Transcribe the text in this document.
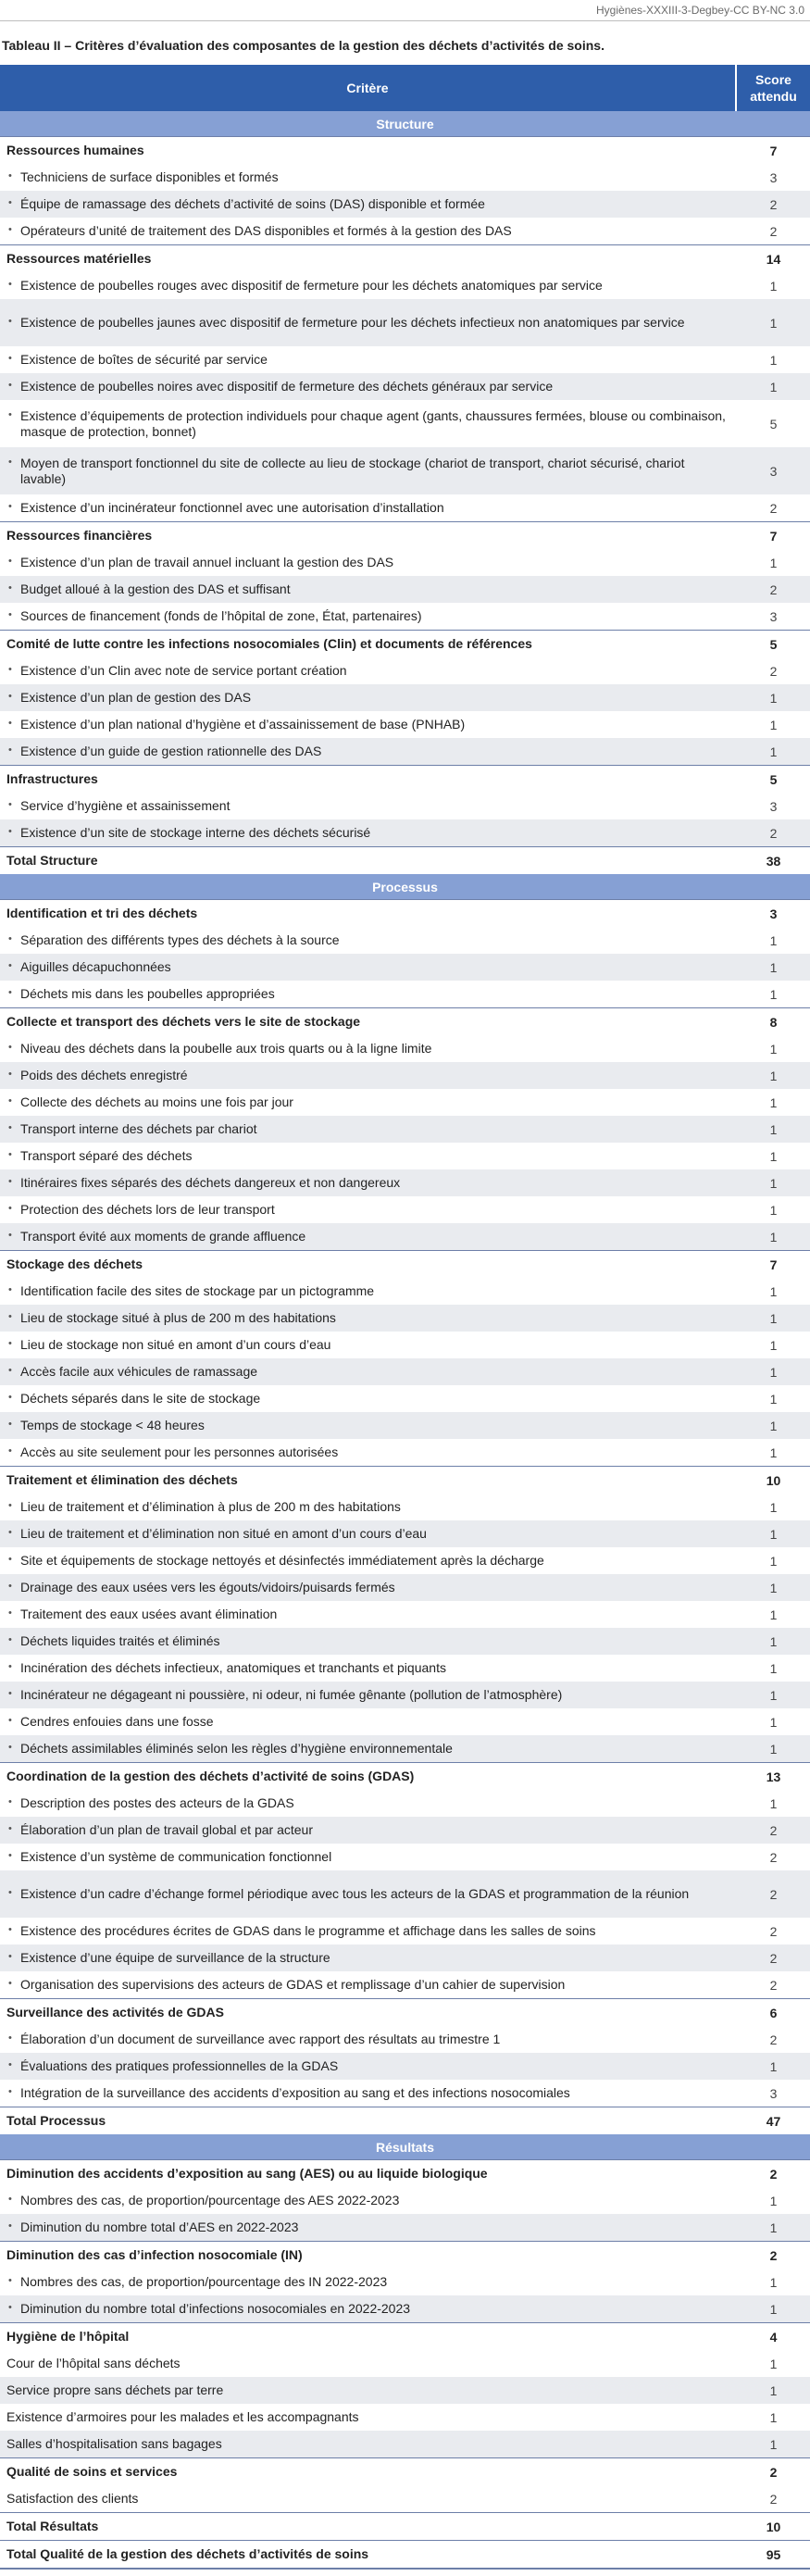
Hygiènes-XXXIII-3-Degbey-CC BY-NC 3.0
Tableau II – Critères d’évaluation des composantes de la gestion des déchets d’activités de soins.
Critère
Score attendu
Structure
Ressources humaines	7
• Techniciens de surface disponibles et formés	3
• Équipe de ramassage des déchets d’activité de soins (DAS) disponible et formée	2
• Opérateurs d’unité de traitement des DAS disponibles et formés à la gestion des DAS	2
Ressources matérielles	14
• Existence de poubelles rouges avec dispositif de fermeture pour les déchets anatomiques par service	1
• Existence de poubelles jaunes avec dispositif de fermeture pour les déchets infectieux non anatomiques par service	1
• Existence de boîtes de sécurité par service	1
• Existence de poubelles noires avec dispositif de fermeture des déchets généraux par service	1
• Existence d’équipements de protection individuels pour chaque agent (gants, chaussures fermées, blouse ou combinaison, masque de protection, bonnet)	5
• Moyen de transport fonctionnel du site de collecte au lieu de stockage (chariot de transport, chariot sécurisé, chariot lavable)	3
• Existence d’un incinérateur fonctionnel avec une autorisation d’installation	2
Ressources financières	7
• Existence d’un plan de travail annuel incluant la gestion des DAS	1
• Budget alloué à la gestion des DAS et suffisant	2
• Sources de financement (fonds de l’hôpital de zone, État, partenaires)	3
Comité de lutte contre les infections nosocomiales (Clin) et documents de références	5
• Existence d’un Clin avec note de service portant création	2
• Existence d’un plan de gestion des DAS	1
• Existence d’un plan national d’hygiène et d’assainissement de base (PNHAB)	1
• Existence d’un guide de gestion rationnelle des DAS	1
Infrastructures	5
• Service d’hygiène et assainissement	3
• Existence d’un site de stockage interne des déchets sécurisé	2
Total Structure	38
Processus
Identification et tri des déchets	3
• Séparation des différents types des déchets à la source	1
• Aiguilles décapuchonnées	1
• Déchets mis dans les poubelles appropriées	1
Collecte et transport des déchets vers le site de stockage	8
• Niveau des déchets dans la poubelle aux trois quarts ou à la ligne limite	1
• Poids des déchets enregistré	1
• Collecte des déchets au moins une fois par jour	1
• Transport interne des déchets par chariot	1
• Transport séparé des déchets	1
• Itinéraires fixes séparés des déchets dangereux et non dangereux	1
• Protection des déchets lors de leur transport	1
• Transport évité aux moments de grande affluence	1
Stockage des déchets	7
• Identification facile des sites de stockage par un pictogramme	1
• Lieu de stockage situé à plus de 200 m des habitations	1
• Lieu de stockage non situé en amont d’un cours d’eau	1
• Accès facile aux véhicules de ramassage	1
• Déchets séparés dans le site de stockage	1
• Temps de stockage < 48 heures	1
• Accès au site seulement pour les personnes autorisées	1
Traitement et élimination des déchets	10
• Lieu de traitement et d’élimination à plus de 200 m des habitations	1
• Lieu de traitement et d’élimination non situé en amont d’un cours d’eau	1
• Site et équipements de stockage nettoyés et désinfectés immédiatement après la décharge	1
• Drainage des eaux usées vers les égouts/vidoirs/puisards fermés	1
• Traitement des eaux usées avant élimination	1
• Déchets liquides traités et éliminés	1
• Incinération des déchets infectieux, anatomiques et tranchants et piquants	1
• Incinérateur ne dégageant ni poussière, ni odeur, ni fumée gênante (pollution de l’atmosphère)	1
• Cendres enfouies dans une fosse	1
• Déchets assimilables éliminés selon les règles d’hygiène environnementale	1
Coordination de la gestion des déchets d’activité de soins (GDAS)	13
• Description des postes des acteurs de la GDAS	1
• Élaboration d’un plan de travail global et par acteur	2
• Existence d’un système de communication fonctionnel	2
• Existence d’un cadre d’échange formel périodique avec tous les acteurs de la GDAS et programmation de la réunion	2
• Existence des procédures écrites de GDAS dans le programme et affichage dans les salles de soins	2
• Existence d’une équipe de surveillance de la structure	2
• Organisation des supervisions des acteurs de GDAS et remplissage d’un cahier de supervision	2
Surveillance des activités de GDAS	6
• Élaboration d’un document de surveillance avec rapport des résultats au trimestre 1	2
• Évaluations des pratiques professionnelles de la GDAS	1
• Intégration de la surveillance des accidents d’exposition au sang et des infections nosocomiales	3
Total Processus	47
Résultats
Diminution des accidents d’exposition au sang (AES) ou au liquide biologique	2
• Nombres des cas, de proportion/pourcentage des AES 2022-2023	1
• Diminution du nombre total d’AES en 2022-2023	1
Diminution des cas d’infection nosocomiale (IN)	2
• Nombres des cas, de proportion/pourcentage des IN 2022-2023	1
• Diminution du nombre total d’infections nosocomiales en 2022-2023	1
Hygiène de l’hôpital	4
Cour de l’hôpital sans déchets	1
Service propre sans déchets par terre	1
Existence d’armoires pour les malades et les accompagnants	1
Salles d’hospitalisation sans bagages	1
Qualité de soins et services	2
Satisfaction des clients	2
Total Résultats	10
Total Qualité de la gestion des déchets d’activités de soins	95
